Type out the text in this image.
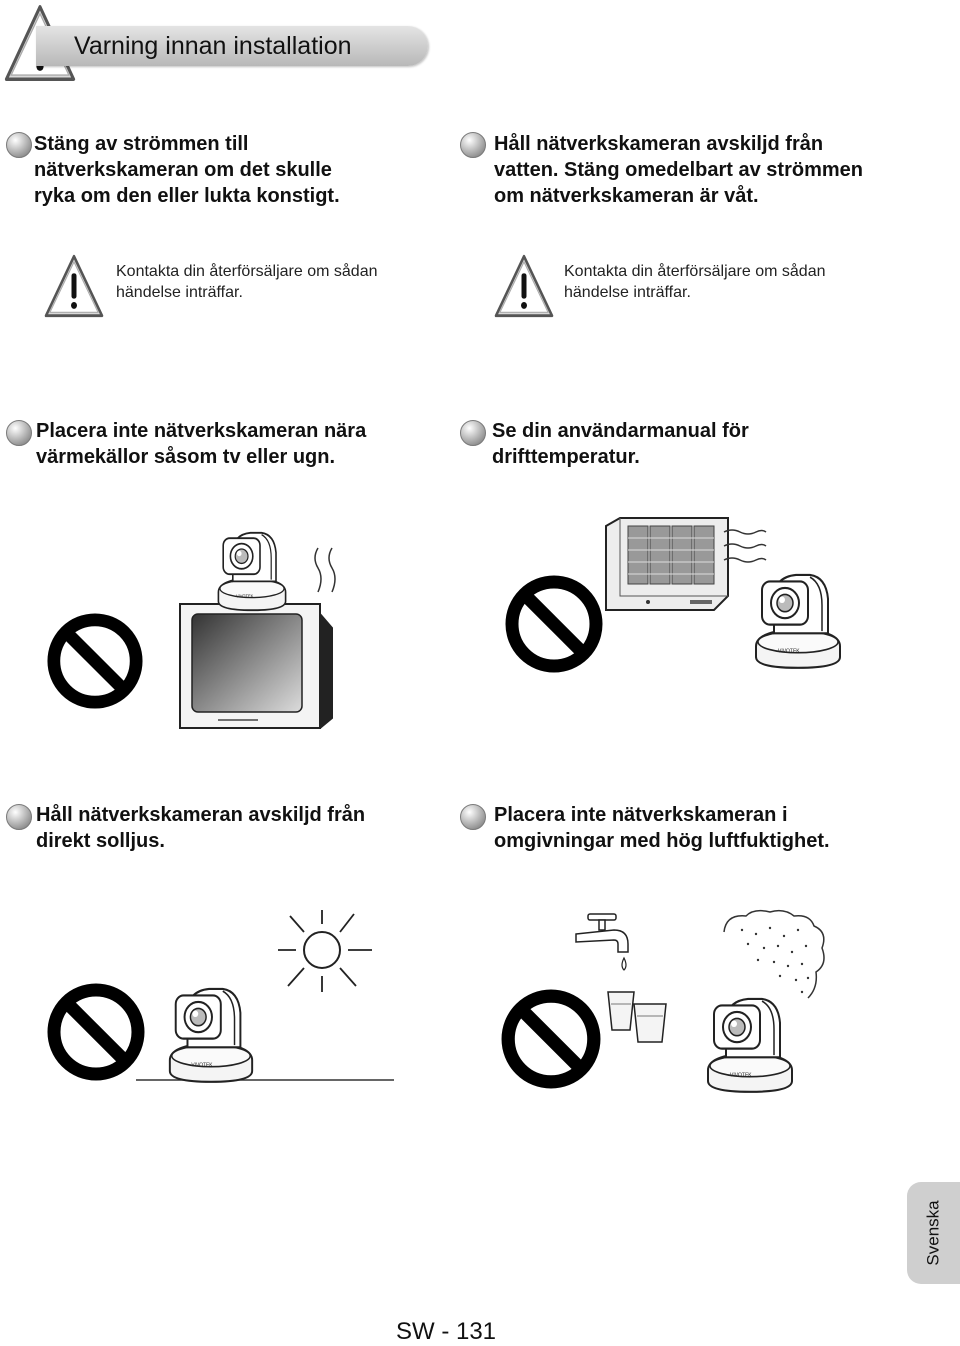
Varning innan installation
Stäng av strömmen till
nätverkskameran om det skulle
ryka om den eller lukta konstigt.
Håll nätverkskameran avskiljd från
vatten. Stäng omedelbart av strömmen
om nätverkskameran är våt.
Kontakta din återförsäljare om sådan
händelse inträffar.
Kontakta din återförsäljare om sådan
händelse inträffar.
Placera inte nätverkskameran nära
värmekällor såsom tv eller ugn.
Se din användarmanual för
drifttemperatur.
Håll nätverkskameran avskiljd från
direkt solljus.
Placera inte nätverkskameran i
omgivningar med hög luftfuktighet.
Svenska
SW - 131
